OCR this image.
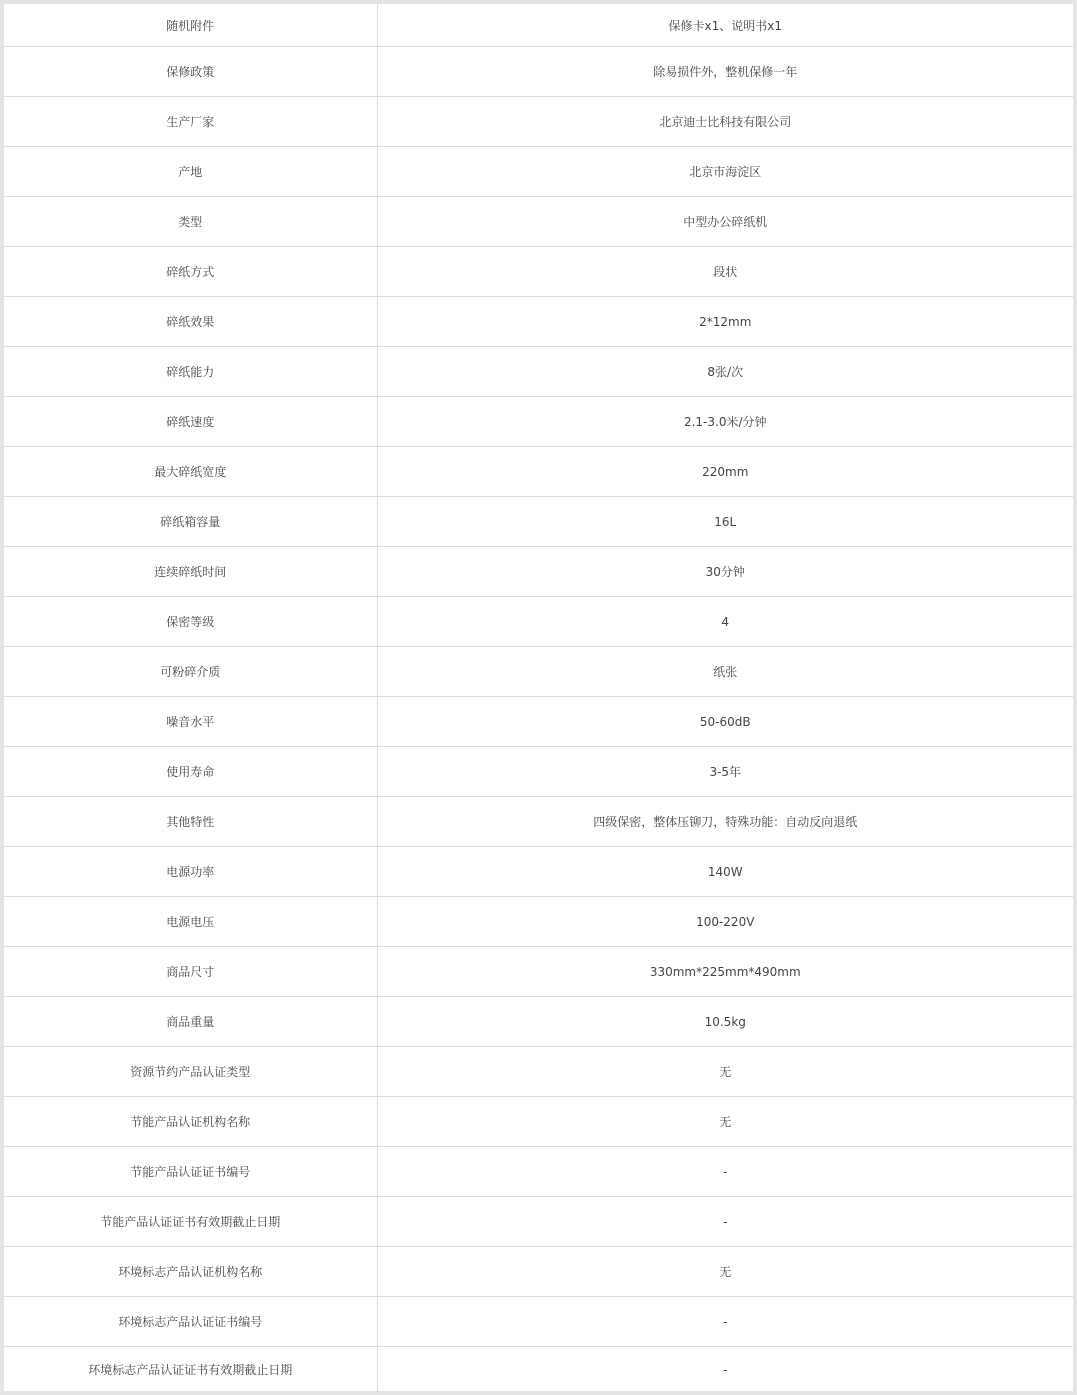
随机附件	保修卡x1、说明书x1
保修政策	除易损件外，整机保修一年
生产厂家	北京迪士比科技有限公司
产地	北京市海淀区
类型	中型办公碎纸机
碎纸方式	段状
碎纸效果	2*12mm
碎纸能力	8张/次
碎纸速度	2.1-3.0米/分钟
最大碎纸宽度	220mm
碎纸箱容量	16L
连续碎纸时间	30分钟
保密等级	4
可粉碎介质	纸张
噪音水平	50-60dB
使用寿命	3-5年
其他特性	四级保密，整体压铆刀，特殊功能：自动反向退纸
电源功率	140W
电源电压	100-220V
商品尺寸	330mm*225mm*490mm
商品重量	10.5kg
资源节约产品认证类型	无
节能产品认证机构名称	无
节能产品认证证书编号	-
节能产品认证证书有效期截止日期	-
环境标志产品认证机构名称	无
环境标志产品认证证书编号	-
环境标志产品认证证书有效期截止日期	-
